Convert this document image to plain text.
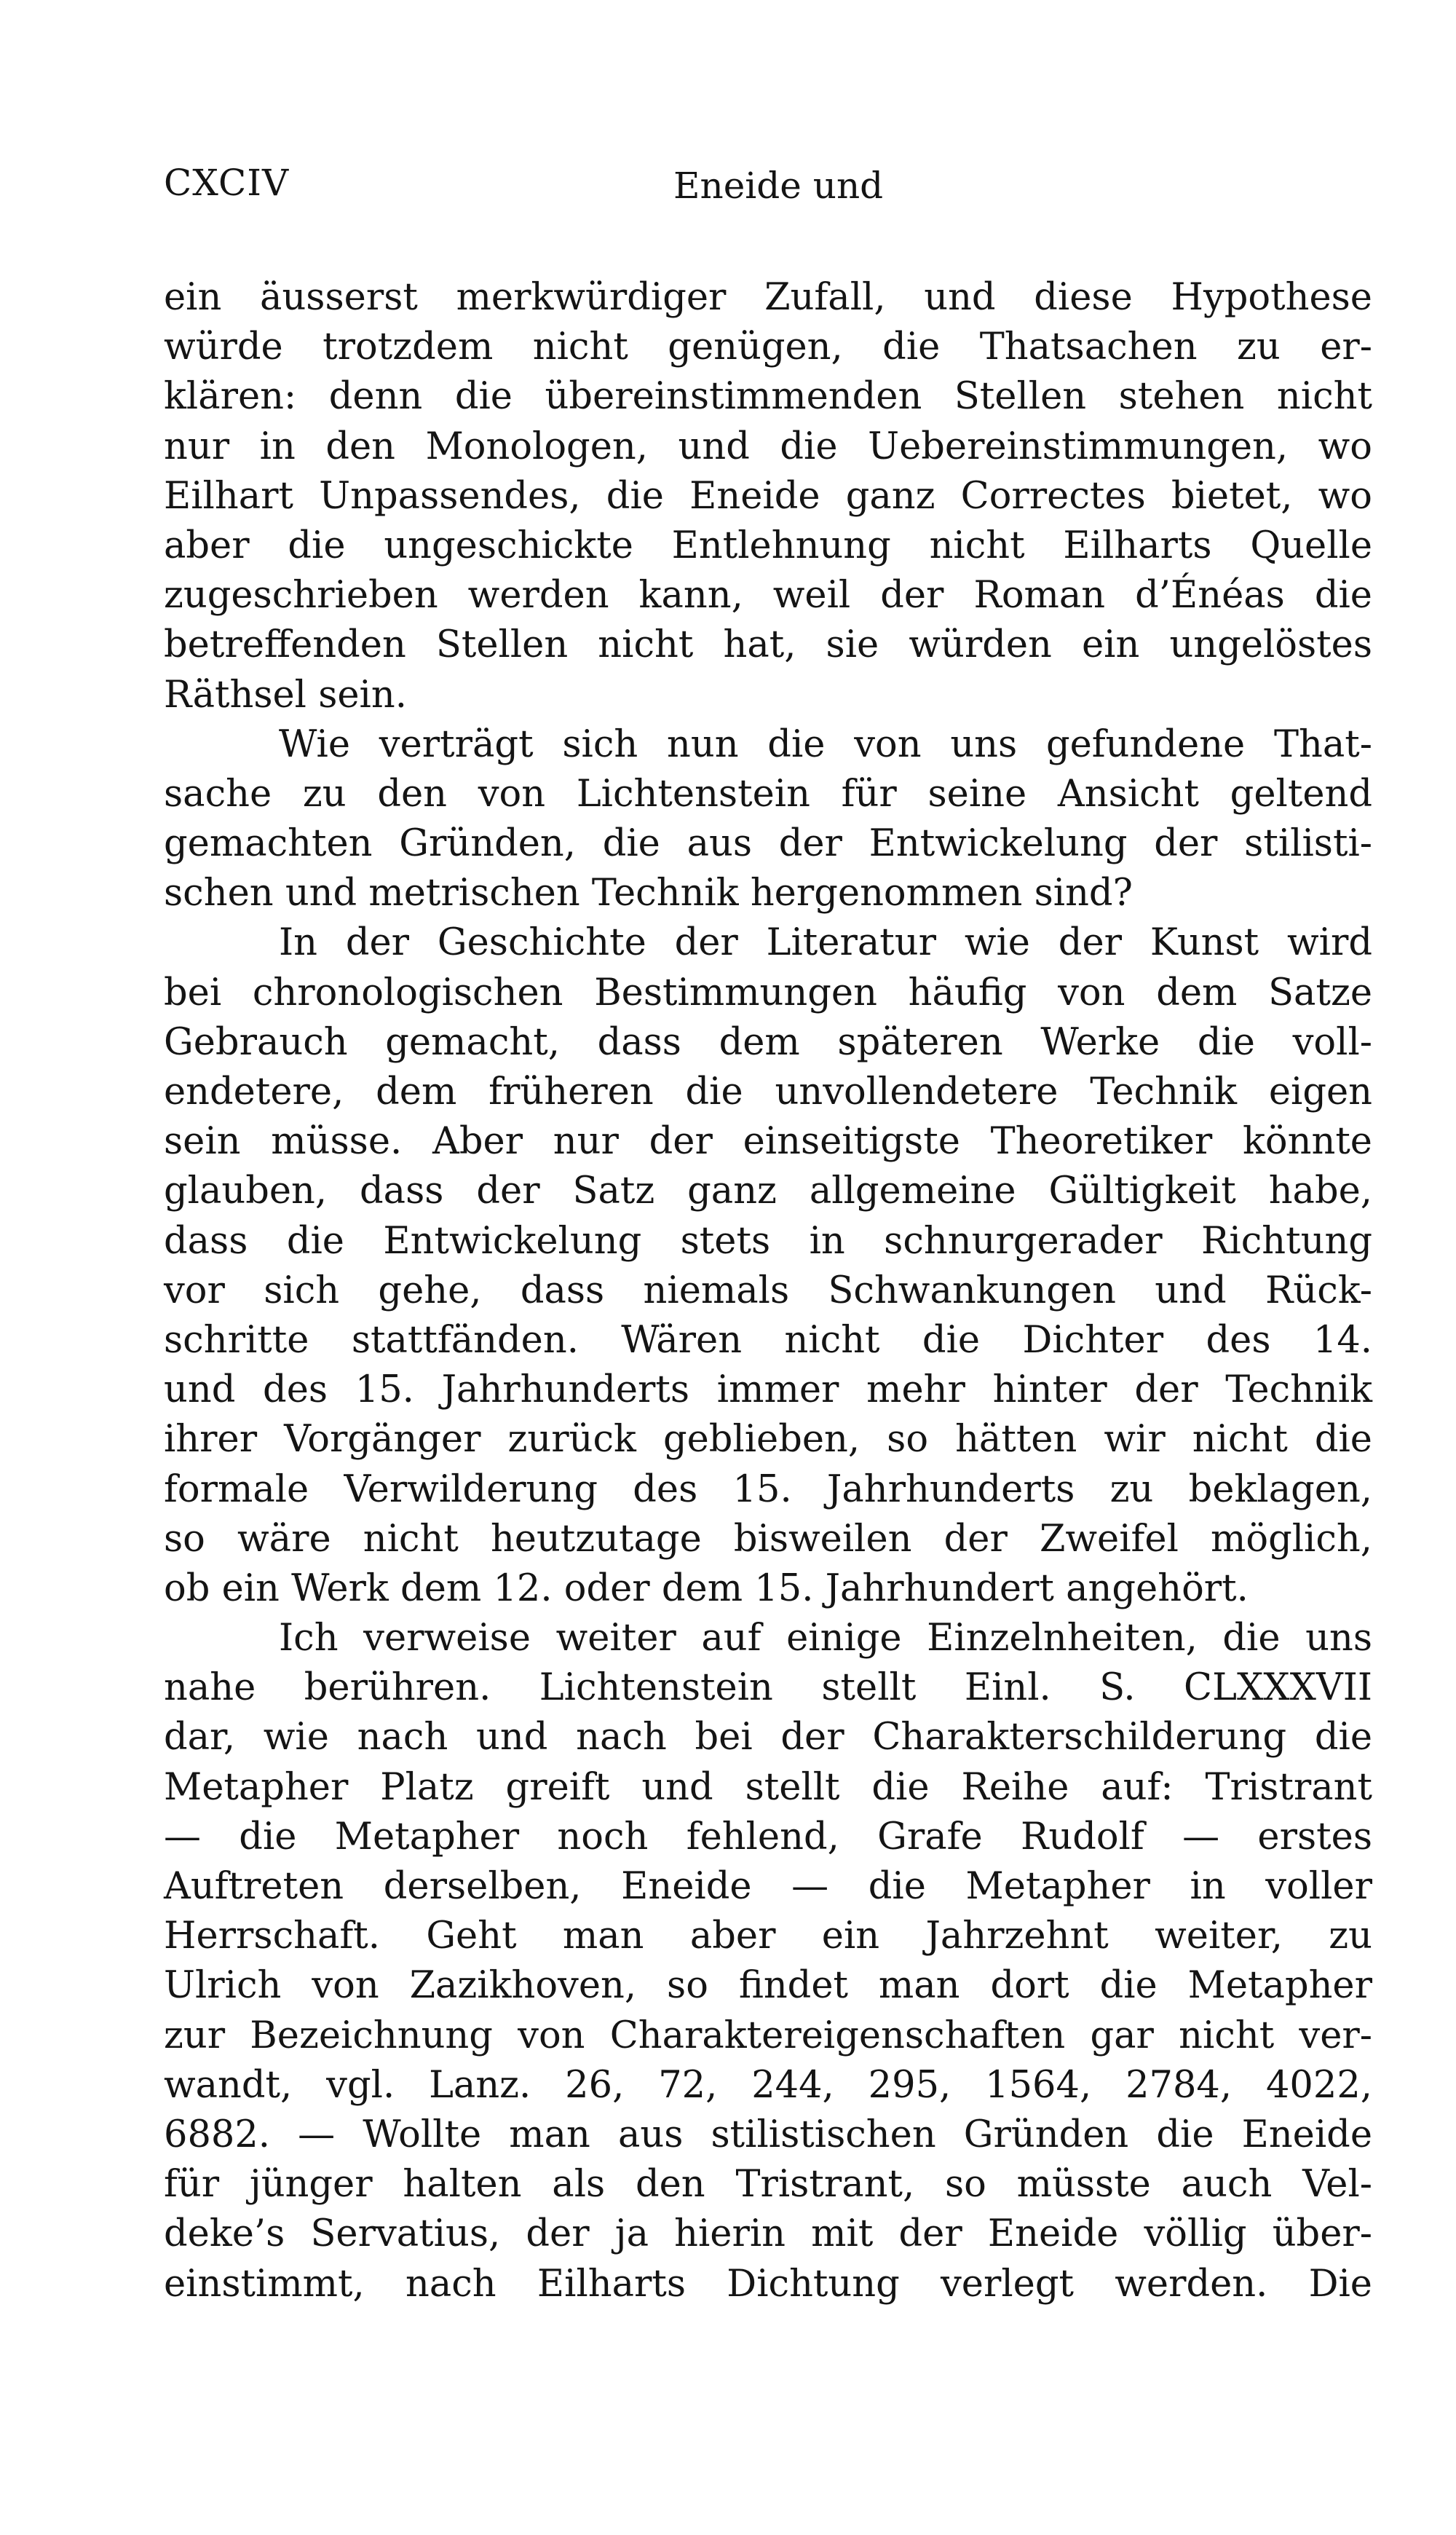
CXCIV	Eneide und
ein äusserst merkwürdiger Zufall, und diese Hypothese
würde trotzdem nicht genügen, die Thatsachen zu er-
klären: denn die übereinstimmenden Stellen stehen nicht
nur in den Monologen, und die Uebereinstimmungen, wo
Eilhart Unpassendes, die Eneide ganz Correctes bietet, wo
aber die ungeschickte Entlehnung nicht Eilharts Quelle
zugeschrieben werden kann, weil der Roman d’Énéas die
betreffenden Stellen nicht hat, sie würden ein ungelöstes
Räthsel sein.
Wie verträgt sich nun die von uns gefundene That-
sache zu den von Lichtenstein für seine Ansicht geltend
gemachten Gründen, die aus der Entwickelung der stilisti-
schen und metrischen Technik hergenommen sind?
In der Geschichte der Literatur wie der Kunst wird
bei chronologischen Bestimmungen häufig von dem Satze
Gebrauch gemacht, dass dem späteren Werke die voll-
endetere, dem früheren die unvollendetere Technik eigen
sein müsse. Aber nur der einseitigste Theoretiker könnte
glauben, dass der Satz ganz allgemeine Gültigkeit habe,
dass die Entwickelung stets in schnurgerader Richtung
vor sich gehe, dass niemals Schwankungen und Rück-
schritte stattfänden. Wären nicht die Dichter des 14.
und des 15. Jahrhunderts immer mehr hinter der Technik
ihrer Vorgänger zurück geblieben, so hätten wir nicht die
formale Verwilderung des 15. Jahrhunderts zu beklagen,
so wäre nicht heutzutage bisweilen der Zweifel möglich,
ob ein Werk dem 12. oder dem 15. Jahrhundert angehört.
Ich verweise weiter auf einige Einzelnheiten, die uns
nahe berühren. Lichtenstein stellt Einl. S. CLXXXVII
dar, wie nach und nach bei der Charakterschilderung die
Metapher Platz greift und stellt die Reihe auf: Tristrant
— die Metapher noch fehlend, Grafe Rudolf — erstes
Auftreten derselben, Eneide — die Metapher in voller
Herrschaft. Geht man aber ein Jahrzehnt weiter, zu
Ulrich von Zazikhoven, so findet man dort die Metapher
zur Bezeichnung von Charaktereigenschaften gar nicht ver-
wandt, vgl. Lanz. 26, 72, 244, 295, 1564, 2784, 4022,
6882. — Wollte man aus stilistischen Gründen die Eneide
für jünger halten als den Tristrant, so müsste auch Vel-
deke’s Servatius, der ja hierin mit der Eneide völlig über-
einstimmt, nach Eilharts Dichtung verlegt werden. Die
